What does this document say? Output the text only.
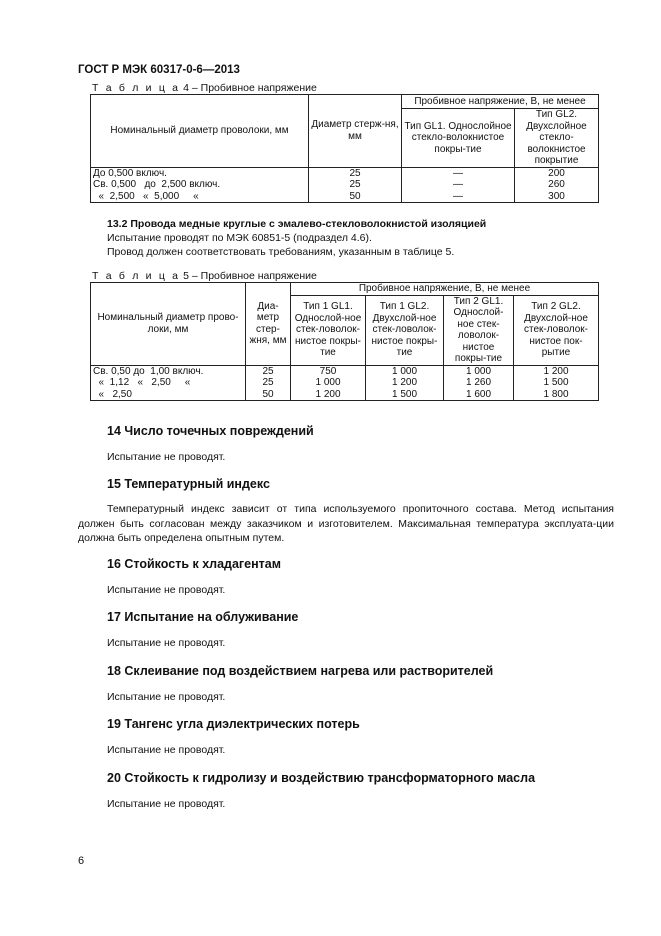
ГОСТ Р МЭК 60317-0-6—2013
Т а б л и ц а 4 – Пробивное напряжение
Номинальный диаметр проволоки, мм	Диаметр стерж-ня, мм	Пробивное напряжение, В, не менее	
		Тип GL1. Однослойное стекло-волокнистое покры-тие	Тип GL2. Двухслойное стекло-волокнистое покрытие
До 0,500 включ.	25	—	200
Св. 0,500   до  2,500 включ.	25	—	260
«  2,500   «  5,000     «	50	—	300
13.2 Провода медные круглые с эмалево-стекловолокнистой изоляцией
Испытание проводят по МЭК 60851-5 (подраздел 4.6).
Провод должен соответствовать требованиям, указанным в таблице 5.
Т а б л и ц а 5 – Пробивное напряжение
Номинальный диаметр прово-локи, мм	Диа-метр стер-жня, мм	Пробивное напряжение, В, не менее			
		Тип 1 GL1. Однослой-ное стек-ловолок-нистое покры-тие	Тип 1 GL2. Двухслой-ное стек-ловолок-нистое покры-тие	Тип 2 GL1. Однослой-ное стек-ловолок-нистое покры-тие	Тип 2 GL2. Двухслой-ное стек-ловолок-нистое пок-рытие
Св. 0,50 до  1,00 включ.	25	750	1 000	1 000	1 200
«  1,12   «   2,50     «	25	1 000	1 200	1 260	1 500
«   2,50	50	1 200	1 500	1 600	1 800
14 Число точечных повреждений
Испытание не проводят.
15 Температурный индекс
Температурный индекс зависит от типа используемого пропиточного состава. Метод испытания должен быть согласован между заказчиком и изготовителем. Максимальная температура эксплуата-ции должна быть определена опытным путем.
16 Стойкость к хладагентам
Испытание не проводят.
17 Испытание на облуживание
Испытание не проводят.
18 Склеивание под воздействием нагрева или растворителей
Испытание не проводят.
19 Тангенс угла диэлектрических потерь
Испытание не проводят.
20 Стойкость к гидролизу и воздействию трансформаторного масла
Испытание не проводят.
6
